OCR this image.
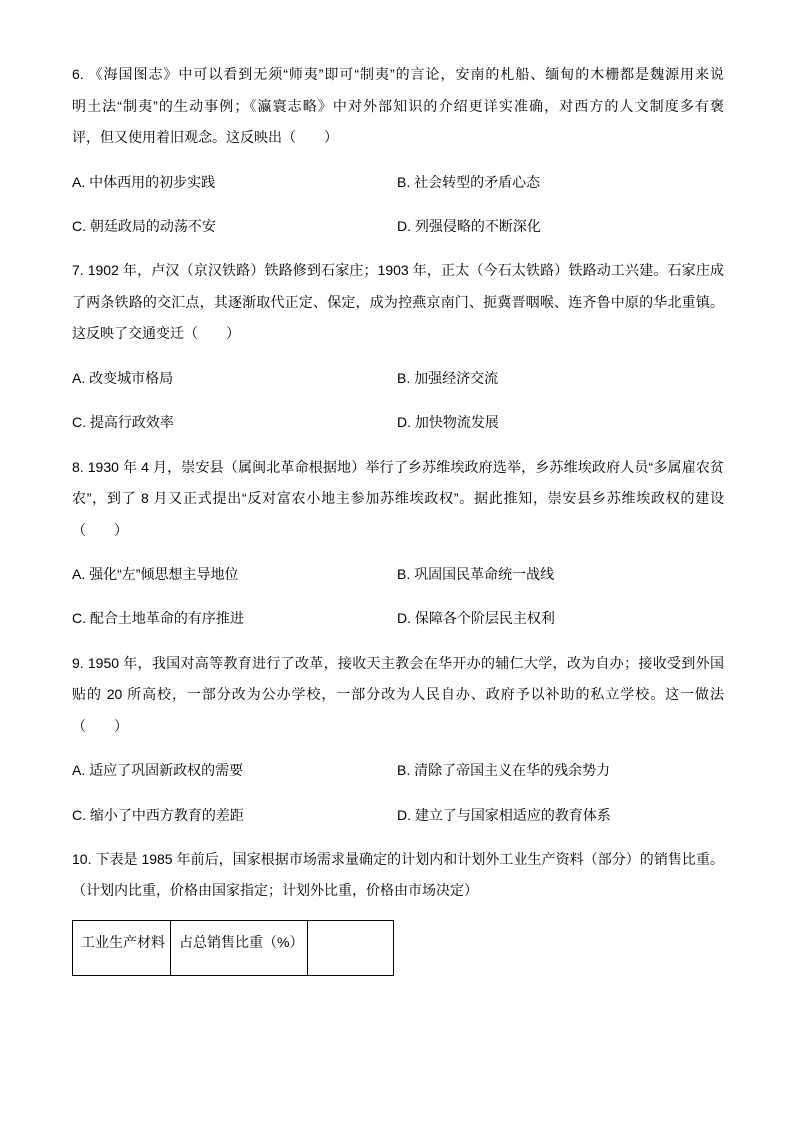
6. 《海国图志》中可以看到无须“师夷”即可“制夷”的言论，安南的札船、缅甸的木栅都是魏源用来说
明土法“制夷”的生动事例；《瀛寰志略》中对外部知识的介绍更详实准确，对西方的人文制度多有褒
评，但又使用着旧观念。这反映出（　　）
A. 中体西用的初步实践	B. 社会转型的矛盾心态
C. 朝廷政局的动荡不安	D. 列强侵略的不断深化
7. 1902 年，卢汉（京汉铁路）铁路修到石家庄；1903 年，正太（今石太铁路）铁路动工兴建。石家庄成
了两条铁路的交汇点，其逐渐取代正定、保定，成为控燕京南门、扼冀晋咽喉、连齐鲁中原的华北重镇。
这反映了交通变迁（　　）
A. 改变城市格局	B. 加强经济交流
C. 提高行政效率	D. 加快物流发展
8. 1930 年 4 月，崇安县（属闽北革命根据地）举行了乡苏维埃政府选举，乡苏维埃政府人员“多属雇农贫
农”，到了 8 月又正式提出“反对富农小地主参加苏维埃政权”。据此推知，崇安县乡苏维埃政权的建设
（　　）
A. 强化“左”倾思想主导地位	B. 巩固国民革命统一战线
C. 配合土地革命的有序推进	D. 保障各个阶层民主权利
9. 1950 年，我国对高等教育进行了改革，接收天主教会在华开办的辅仁大学，改为自办；接收受到外国
贴的 20 所高校，一部分改为公办学校，一部分改为人民自办、政府予以补助的私立学校。这一做法
（　　）
A. 适应了巩固新政权的需要	B. 清除了帝国主义在华的残余势力
C. 缩小了中西方教育的差距	D. 建立了与国家相适应的教育体系
10. 下表是 1985 年前后，国家根据市场需求量确定的计划内和计划外工业生产资料（部分）的销售比重。
（计划内比重，价格由国家指定；计划外比重，价格由市场决定）
工业生产材料	占总销售比重（%）	
